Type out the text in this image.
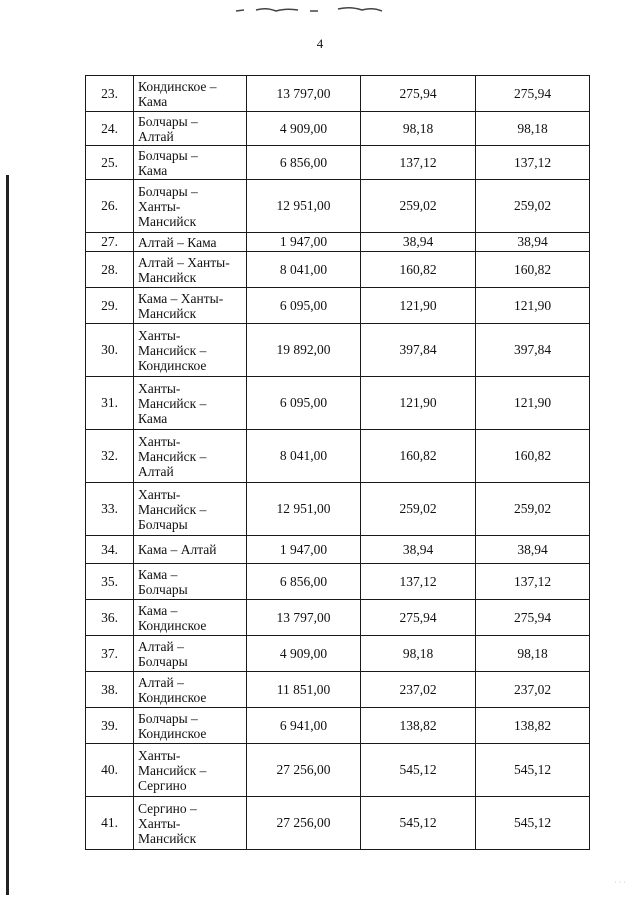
4
23.	Кондинское –
Кама	13 797,00	275,94	275,94
24.	Болчары –
Алтай	4 909,00	98,18	98,18
25.	Болчары –
Кама	6 856,00	137,12	137,12
26.	Болчары –
Ханты-
Мансийск	12 951,00	259,02	259,02
27.	Алтай – Кама	1 947,00	38,94	38,94
28.	Алтай – Ханты-
Мансийск	8 041,00	160,82	160,82
29.	Кама – Ханты-
Мансийск	6 095,00	121,90	121,90
30.	Ханты-
Мансийск –
Кондинское	19 892,00	397,84	397,84
31.	Ханты-
Мансийск –
Кама	6 095,00	121,90	121,90
32.	Ханты-
Мансийск –
Алтай	8 041,00	160,82	160,82
33.	Ханты-
Мансийск –
Болчары	12 951,00	259,02	259,02
34.	Кама – Алтай	1 947,00	38,94	38,94
35.	Кама –
Болчары	6 856,00	137,12	137,12
36.	Кама –
Кондинское	13 797,00	275,94	275,94
37.	Алтай –
Болчары	4 909,00	98,18	98,18
38.	Алтай –
Кондинское	11 851,00	237,02	237,02
39.	Болчары –
Кондинское	6 941,00	138,82	138,82
40.	Ханты-
Мансийск –
Сергино	27 256,00	545,12	545,12
41.	Сергино –
Ханты-
Мансийск	27 256,00	545,12	545,12
· · ·
